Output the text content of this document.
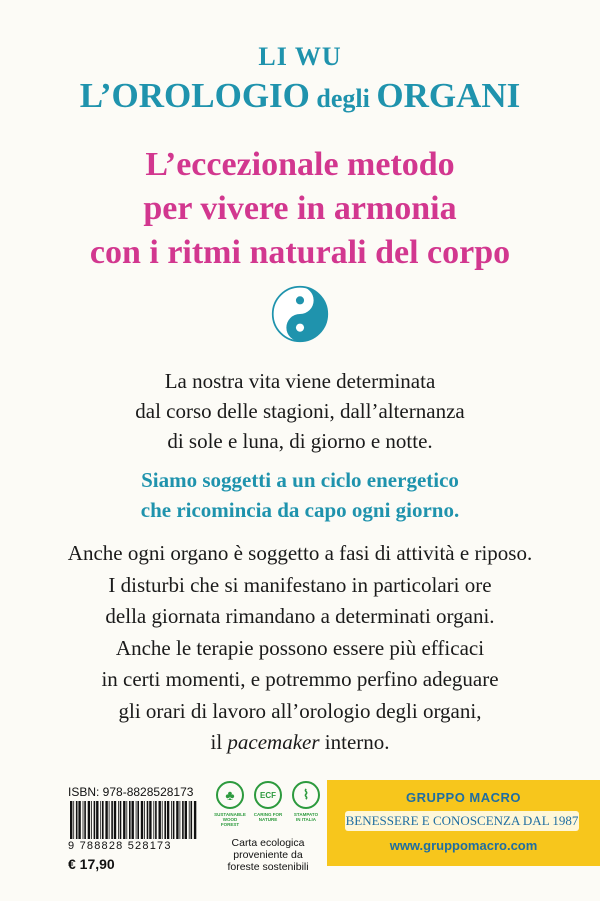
LI WU
L’OROLOGIO degli ORGANI
L’eccezionale metodo
per vivere in armonia
con i ritmi naturali del corpo
La nostra vita viene determinata
dal corso delle stagioni, dall’alternanza
di sole e luna, di giorno e notte.
Siamo soggetti a un ciclo energetico
che ricomincia da capo ogni giorno.
Anche ogni organo è soggetto a fasi di attività e riposo.
I disturbi che si manifestano in particolari ore
della giornata rimandano a determinati organi.
Anche le terapie possono essere più efficaci
in certi momenti, e potremmo perfino adeguare
gli orari di lavoro all’orologio degli organi,
il pacemaker interno.
ISBN: 978-8828528173
9 788828 528173
€ 17,90
♣
SUSTAINABLE
WOOD FOREST
ECF
CARING FOR
NATURE
⌇
STAMPATO
IN ITALIA
Carta ecologica
proveniente da
foreste sostenibili
GRUPPO MACRO
BENESSERE E CONOSCENZA DAL 1987
www.gruppomacro.com
